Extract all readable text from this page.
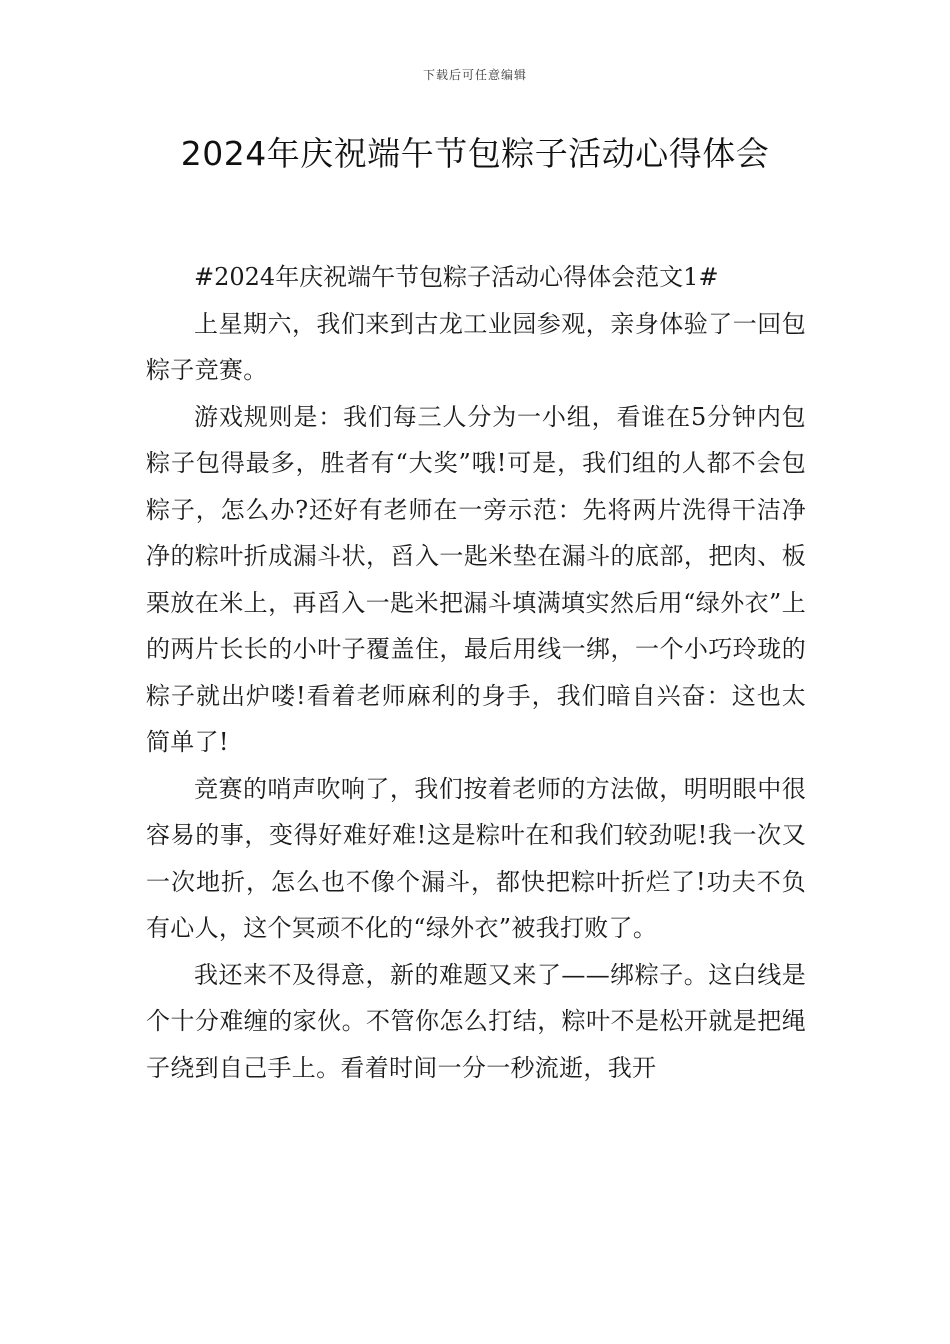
下载后可任意编辑
2024年庆祝端午节包粽子活动心得体会

#2024年庆祝端午节包粽子活动心得体会范文1#

上星期六，我们来到古龙工业园参观，亲身体验了一回包粽子竞赛。

游戏规则是：我们每三人分为一小组，看谁在5分钟内包粽子包得最多，胜者有“大奖”哦!可是，我们组的人都不会包粽子，怎么办?还好有老师在一旁示范：先将两片洗得干洁净净的粽叶折成漏斗状，舀入一匙米垫在漏斗的底部，把肉、板栗放在米上，再舀入一匙米把漏斗填满填实然后用“绿外衣”上的两片长长的小叶子覆盖住，最后用线一绑，一个小巧玲珑的粽子就出炉喽!看着老师麻利的身手，我们暗自兴奋：这也太简单了!

竞赛的哨声吹响了，我们按着老师的方法做，明明眼中很容易的事，变得好难好难!这是粽叶在和我们较劲呢!我一次又一次地折，怎么也不像个漏斗，都快把粽叶折烂了!功夫不负有心人，这个冥顽不化的“绿外衣”被我打败了。

我还来不及得意，新的难题又来了——绑粽子。这白线是个十分难缠的家伙。不管你怎么打结，粽叶不是松开就是把绳子绕到自己手上。看着时间一分一秒流逝，我开
